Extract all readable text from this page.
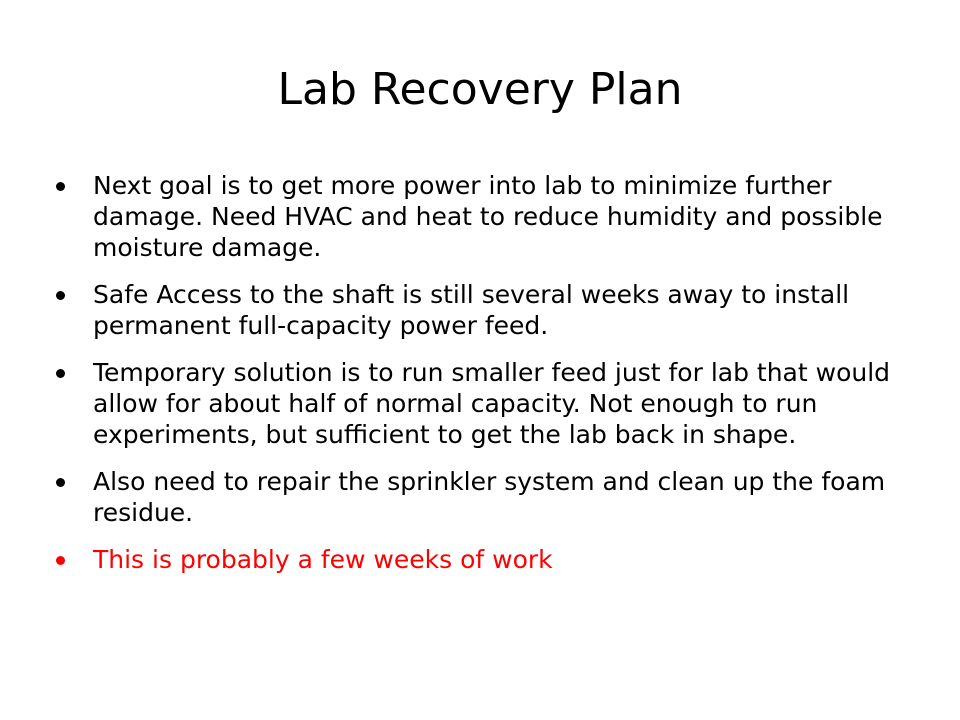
Lab Recovery Plan
Next goal is to get more power into lab to minimize further damage. Need HVAC and heat to reduce humidity and possible moisture damage.
Safe Access to the shaft is still several weeks away to install permanent full-capacity power feed.
Temporary solution is to run smaller feed just for lab that would allow for about half of normal capacity. Not enough to run experiments, but sufficient to get the lab back in shape.
Also need to repair the sprinkler system and clean up the foam residue.
This is probably a few weeks of work
